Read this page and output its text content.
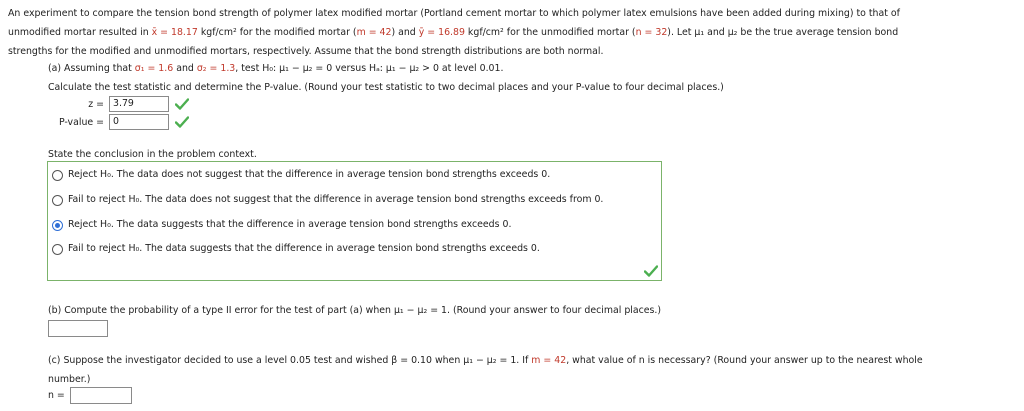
An experiment to compare the tension bond strength of polymer latex modified mortar (Portland cement mortar to which polymer latex emulsions have been added during mixing) to that of
unmodified mortar resulted in x̄ = 18.17 kgf/cm² for the modified mortar (m = 42) and ȳ = 16.89 kgf/cm² for the unmodified mortar (n = 32). Let μ₁ and μ₂ be the true average tension bond
strengths for the modified and unmodified mortars, respectively. Assume that the bond strength distributions are both normal.
(a) Assuming that σ₁ = 1.6 and σ₂ = 1.3, test H₀: μ₁ − μ₂ = 0 versus Hₐ: μ₁ − μ₂ > 0 at level 0.01.
Calculate the test statistic and determine the P-value. (Round your test statistic to two decimal places and your P-value to four decimal places.)
z = 3.79
P-value = 0
State the conclusion in the problem context.
Reject H₀. The data does not suggest that the difference in average tension bond strengths exceeds 0.
Fail to reject H₀. The data does not suggest that the difference in average tension bond strengths exceeds from 0.
Reject H₀. The data suggests that the difference in average tension bond strengths exceeds 0.
Fail to reject H₀. The data suggests that the difference in average tension bond strengths exceeds 0.
(b) Compute the probability of a type II error for the test of part (a) when μ₁ − μ₂ = 1. (Round your answer to four decimal places.)
(c) Suppose the investigator decided to use a level 0.05 test and wished β = 0.10 when μ₁ − μ₂ = 1. If m = 42, what value of n is necessary? (Round your answer up to the nearest whole
number.)
n =
